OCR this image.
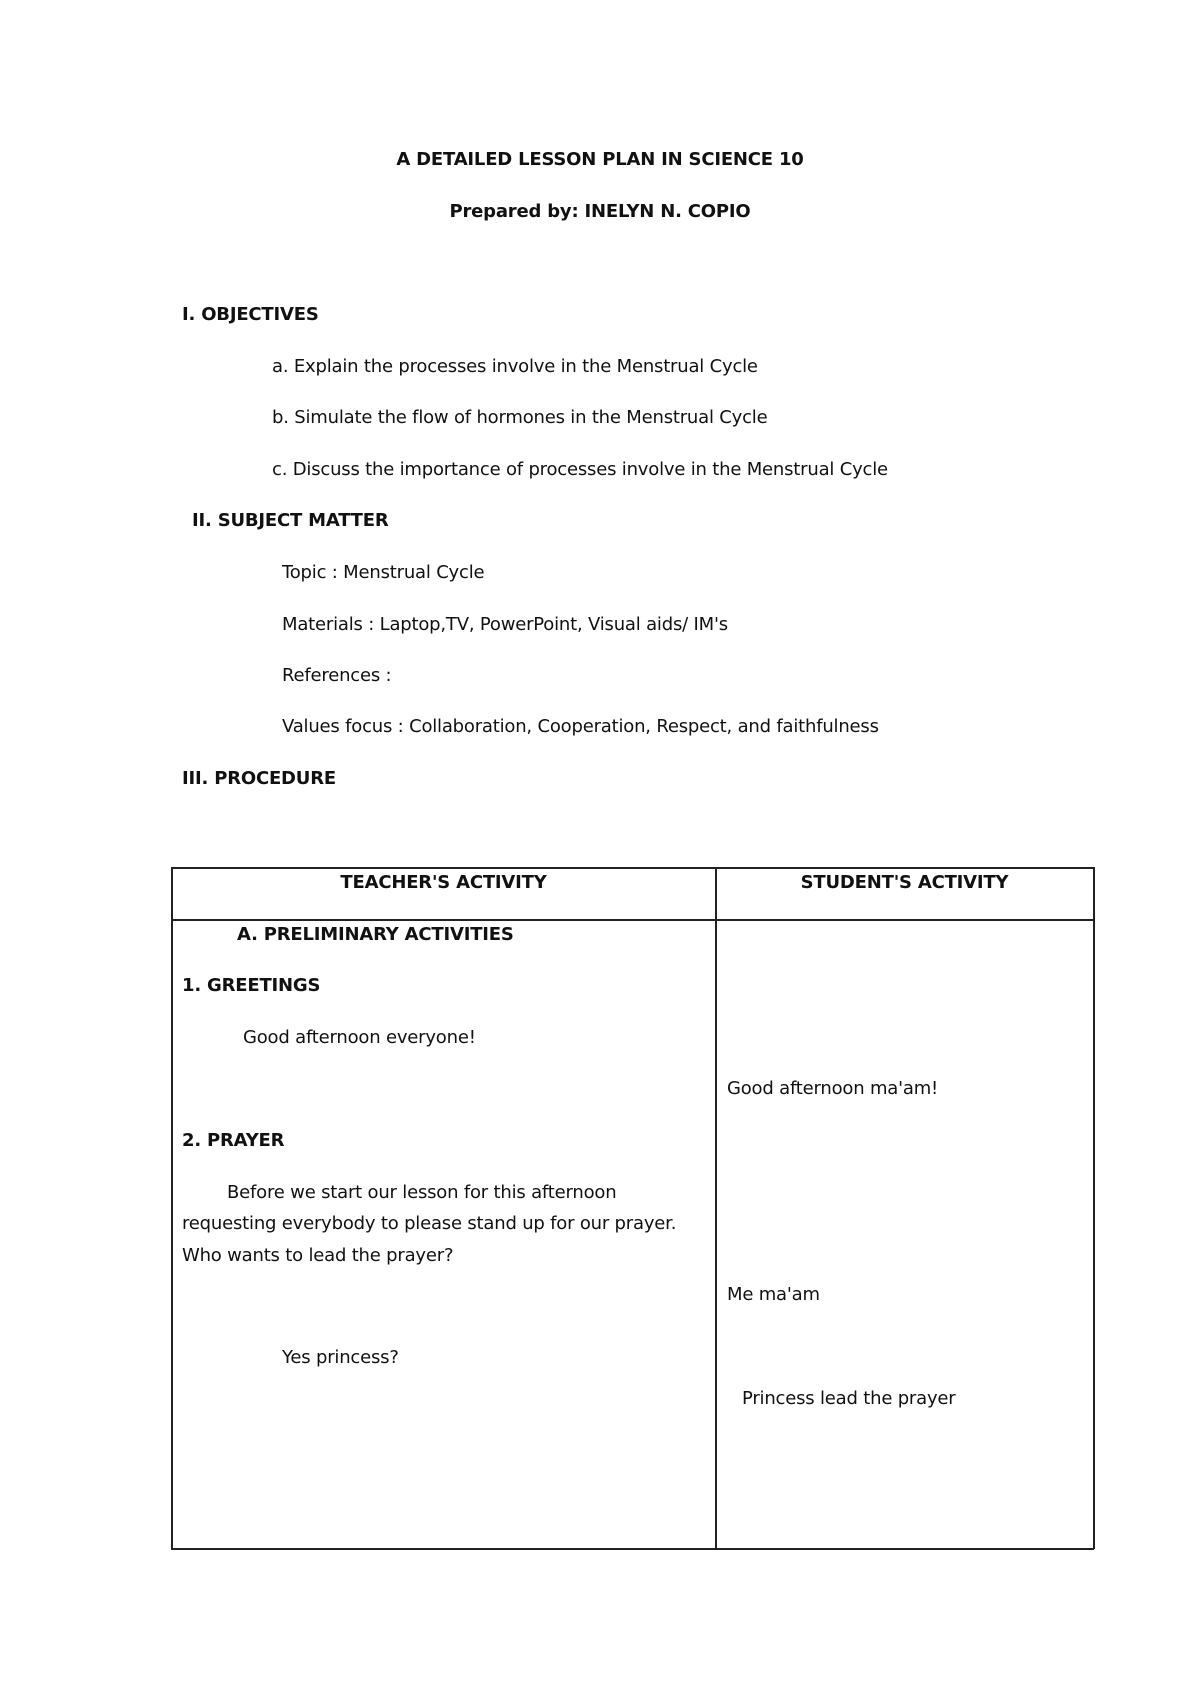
A DETAILED LESSON PLAN IN SCIENCE 10
Prepared by: INELYN N. COPIO
I. OBJECTIVES
a. Explain the processes involve in the Menstrual Cycle
b. Simulate the flow of hormones in the Menstrual Cycle
c. Discuss the importance of processes involve in the Menstrual Cycle
II. SUBJECT MATTER
Topic : Menstrual Cycle
Materials : Laptop,TV, PowerPoint, Visual aids/ IM's
References :
Values focus : Collaboration, Cooperation, Respect, and faithfulness
III. PROCEDURE
TEACHER'S ACTIVITY	STUDENT'S ACTIVITY
A. PRELIMINARY ACTIVITIES
1. GREETINGS
Good afternoon everyone!
2. PRAYER
Before we start our lesson for this afternoon
requesting everybody to please stand up for our prayer.
Who wants to lead the prayer?
Yes princess?
Good afternoon ma'am!
Me ma'am
Princess lead the prayer
